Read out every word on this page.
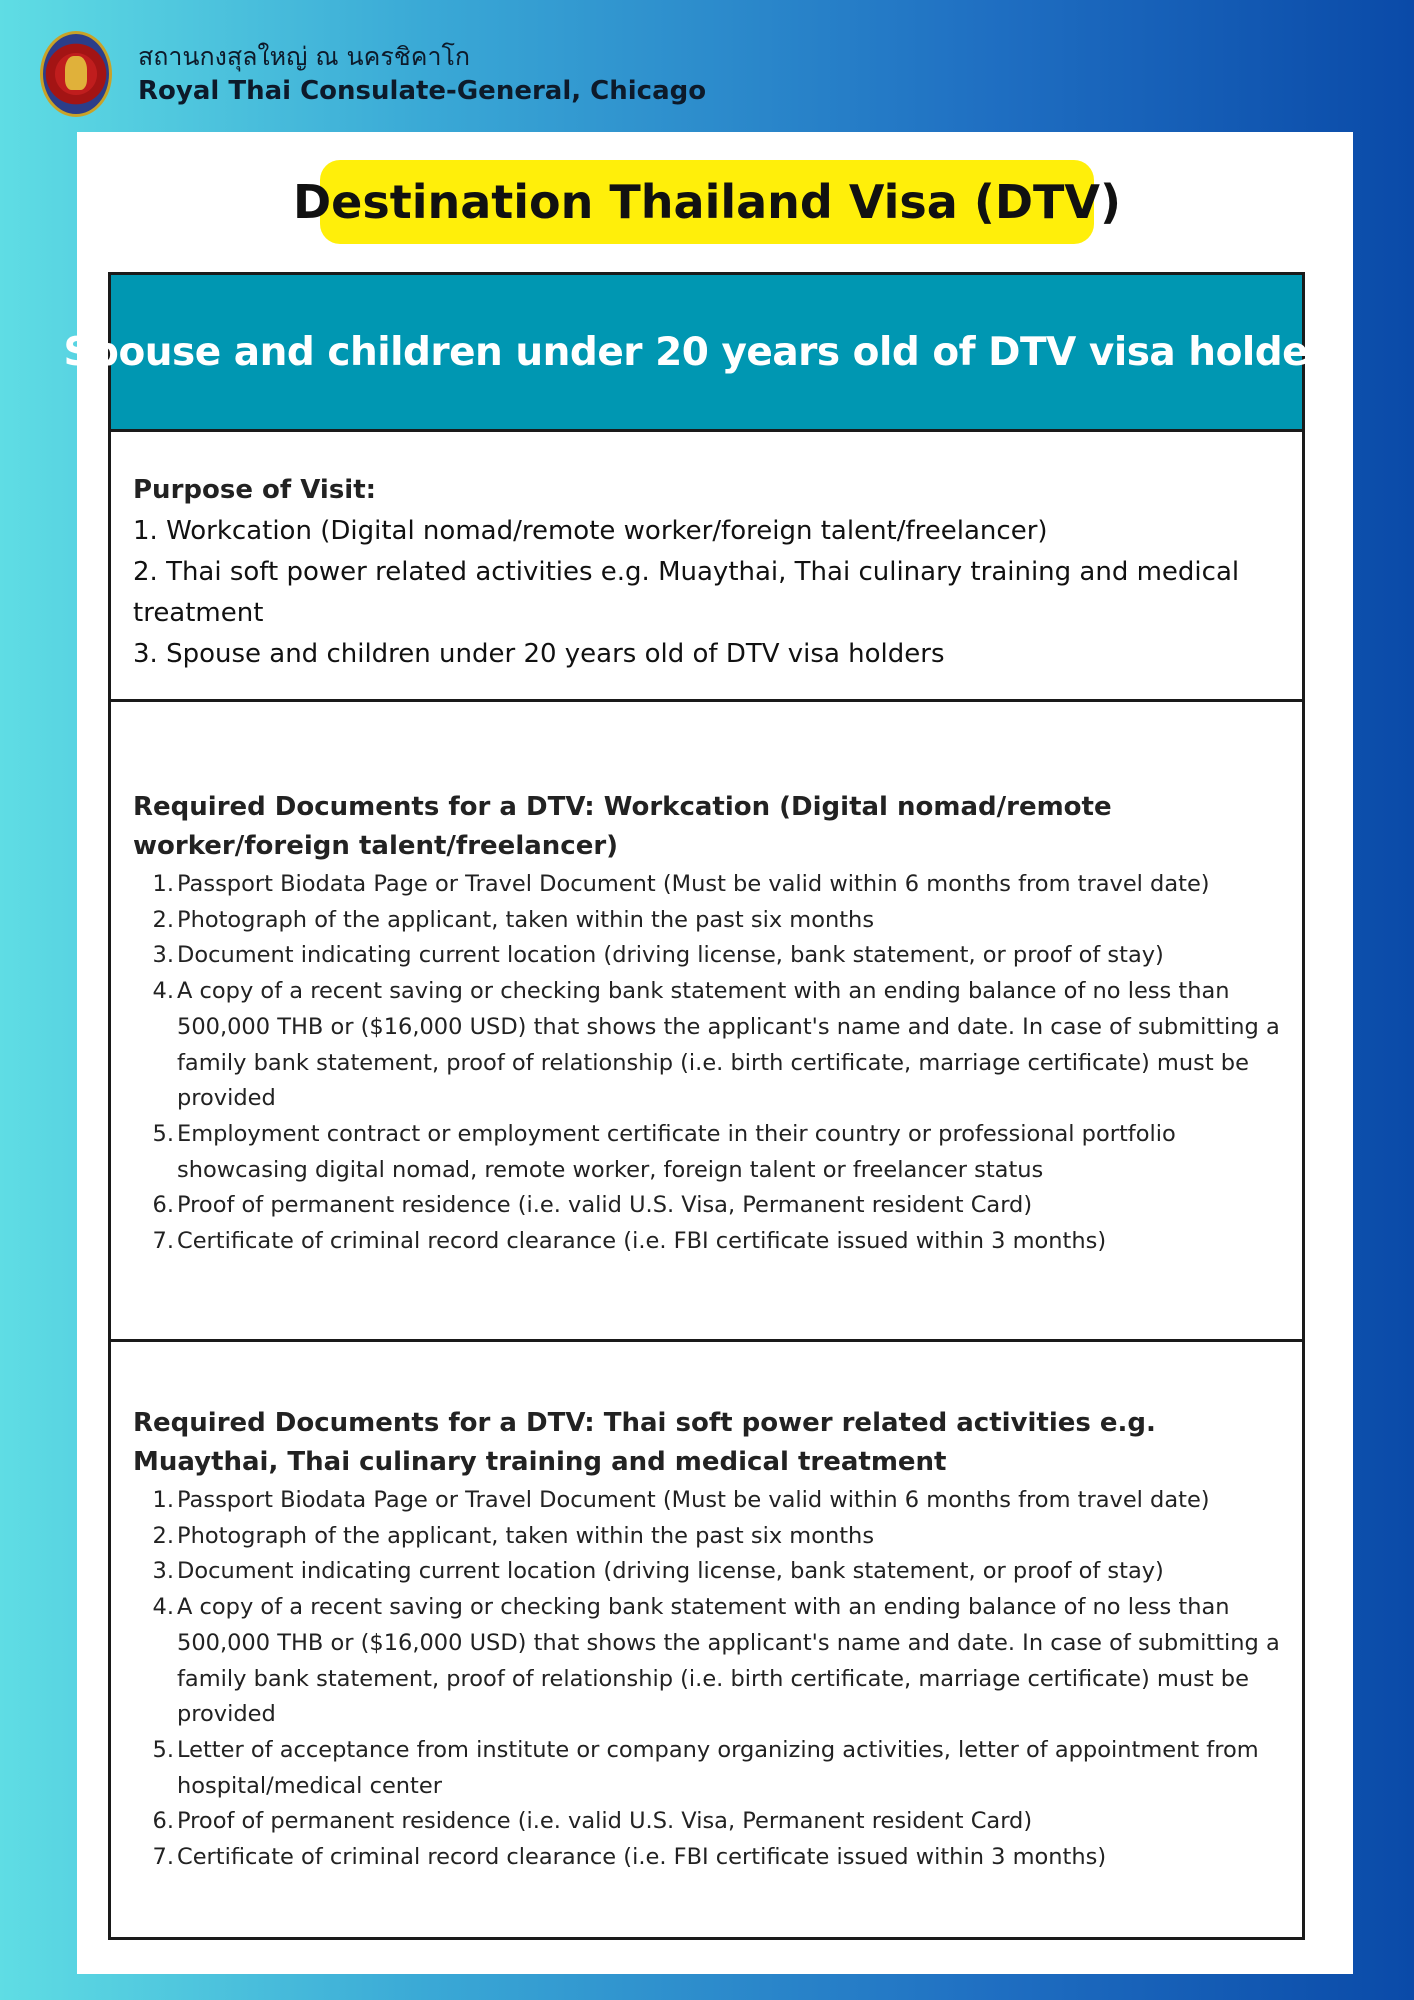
สถานกงสุลใหญ่ ณ นครชิคาโก
Royal Thai Consulate-General, Chicago
Destination Thailand Visa (DTV)
Spouse and children under 20 years old of DTV visa holders
Purpose of Visit:
1. Workcation (Digital nomad/remote worker/foreign talent/freelancer)
2. Thai soft power related activities e.g. Muaythai, Thai culinary training and medical treatment
3. Spouse and children under 20 years old of DTV visa holders
Required Documents for a DTV: Workcation (Digital nomad/remote worker/foreign talent/freelancer)
1. Passport Biodata Page or Travel Document (Must be valid within 6 months from travel date)
2. Photograph of the applicant, taken within the past six months
3. Document indicating current location (driving license, bank statement, or proof of stay)
4. A copy of a recent saving or checking bank statement with an ending balance of no less than 500,000 THB or ($16,000 USD) that shows the applicant's name and date. In case of submitting a family bank statement, proof of relationship (i.e. birth certificate, marriage certificate) must be provided
5. Employment contract or employment certificate in their country or professional portfolio showcasing digital nomad, remote worker, foreign talent or freelancer status
6. Proof of permanent residence (i.e. valid U.S. Visa, Permanent resident Card)
7. Certificate of criminal record clearance (i.e. FBI certificate issued within 3 months)
Required Documents for a DTV: Thai soft power related activities e.g. Muaythai, Thai culinary training and medical treatment
1. Passport Biodata Page or Travel Document (Must be valid within 6 months from travel date)
2. Photograph of the applicant, taken within the past six months
3. Document indicating current location (driving license, bank statement, or proof of stay)
4. A copy of a recent saving or checking bank statement with an ending balance of no less than 500,000 THB or ($16,000 USD) that shows the applicant's name and date. In case of submitting a family bank statement, proof of relationship (i.e. birth certificate, marriage certificate) must be provided
5. Letter of acceptance from institute or company organizing activities, letter of appointment from hospital/medical center
6. Proof of permanent residence (i.e. valid U.S. Visa, Permanent resident Card)
7. Certificate of criminal record clearance (i.e. FBI certificate issued within 3 months)
